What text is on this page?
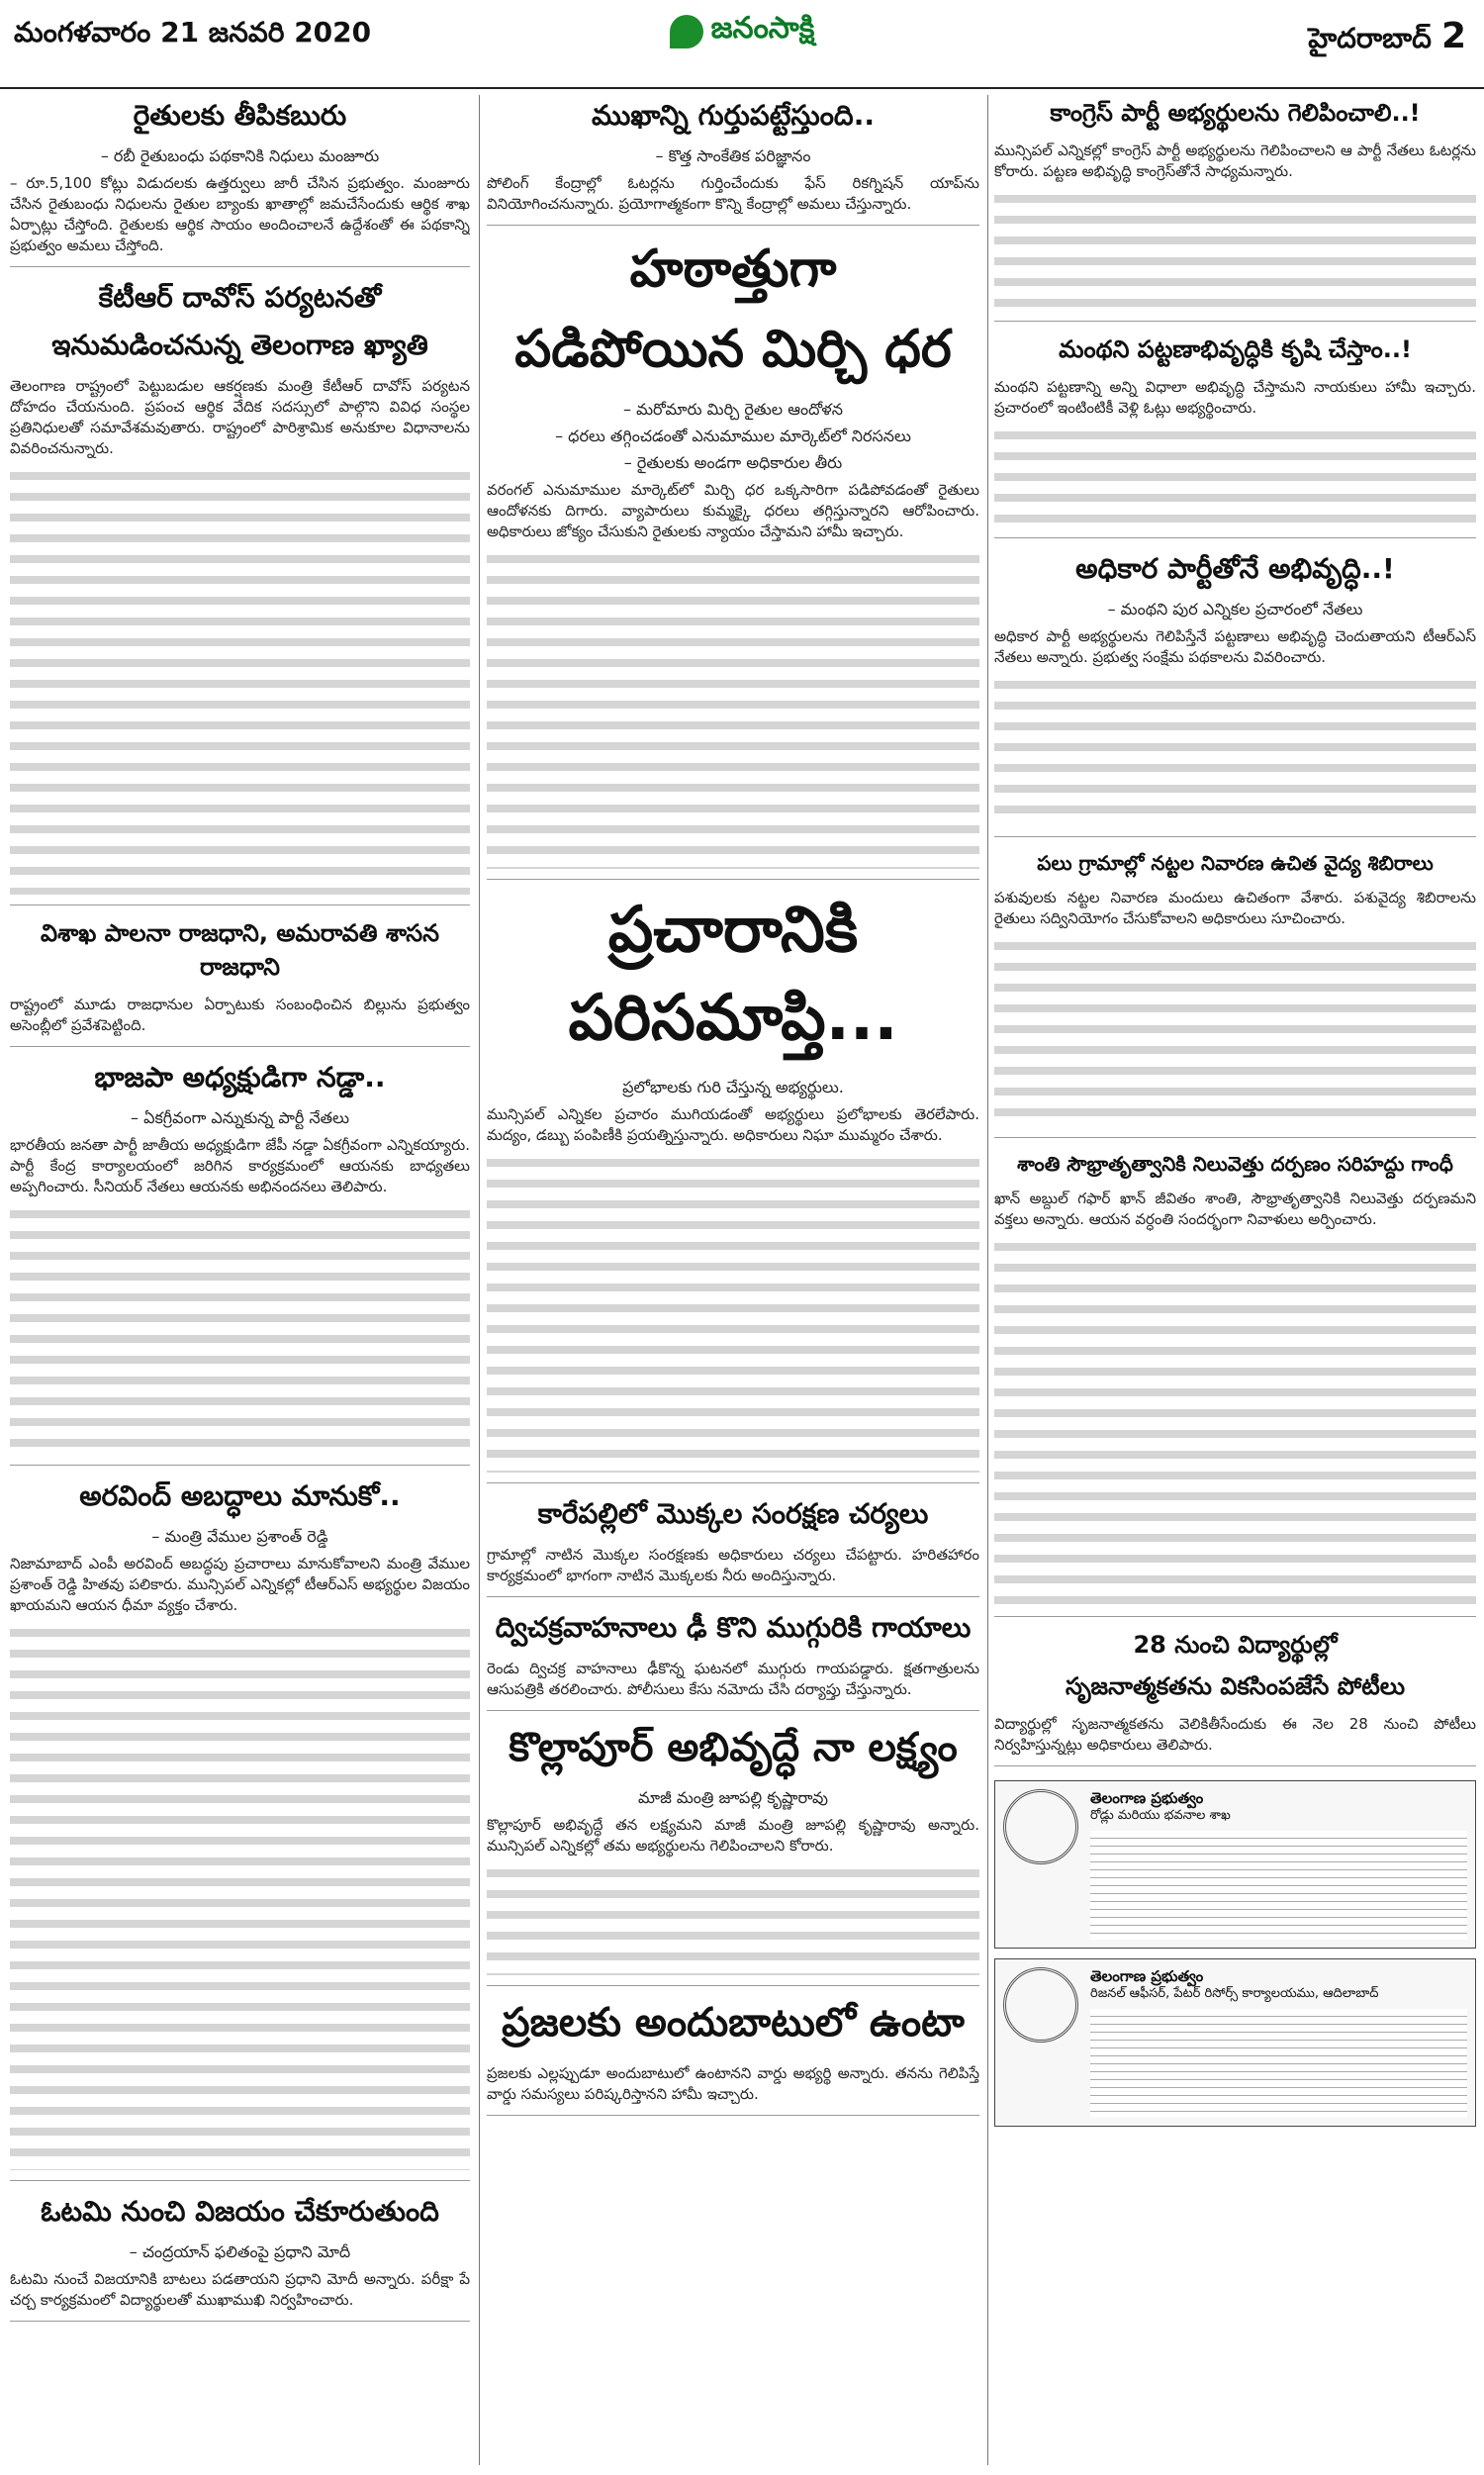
మంగళవారం 21 జనవరి 2020	జనంసాక్షి	హైదరాబాద్ 2
రైతులకు తీపికబురు
– రబీ రైతుబంధు పథకానికి నిధులు మంజూరు
– రూ.5,100 కోట్లు విడుదలకు ఉత్తర్వులు జారీ చేసిన ప్రభుత్వం. మంజూరు చేసిన రైతుబంధు నిధులను రైతుల బ్యాంకు ఖాతాల్లో జమచేసేందుకు ఆర్థిక శాఖ ఏర్పాట్లు చేస్తోంది. రైతులకు ఆర్థిక సాయం అందించాలనే ఉద్దేశంతో ఈ పథకాన్ని ప్రభుత్వం అమలు చేస్తోంది.
కేటీఆర్‌ దావోస్‌ పర్యటనతో
ఇనుమడించనున్న తెలంగాణ ఖ్యాతి
తెలంగాణ రాష్ట్రంలో పెట్టుబడుల ఆకర్షణకు మంత్రి కేటీఆర్‌ దావోస్‌ పర్యటన దోహదం చేయనుంది. ప్రపంచ ఆర్థిక వేదిక సదస్సులో పాల్గొని వివిధ సంస్థల ప్రతినిధులతో సమావేశమవుతారు. రాష్ట్రంలో పారిశ్రామిక అనుకూల విధానాలను వివరించనున్నారు.
విశాఖ పాలనా రాజధాని, అమరావతి శాసన రాజధాని
రాష్ట్రంలో మూడు రాజధానుల ఏర్పాటుకు సంబంధించిన బిల్లును ప్రభుత్వం అసెంబ్లీలో ప్రవేశపెట్టింది.
భాజపా అధ్యక్షుడిగా నడ్డా..
– ఏకగ్రీవంగా ఎన్నుకున్న పార్టీ నేతలు
భారతీయ జనతా పార్టీ జాతీయ అధ్యక్షుడిగా జేపీ నడ్డా ఏకగ్రీవంగా ఎన్నికయ్యారు. పార్టీ కేంద్ర కార్యాలయంలో జరిగిన కార్యక్రమంలో ఆయనకు బాధ్యతలు అప్పగించారు. సీనియర్‌ నేతలు ఆయనకు అభినందనలు తెలిపారు.
అరవింద్‌ అబద్ధాలు మానుకో..
– మంత్రి వేముల ప్రశాంత్‌ రెడ్డి
నిజామాబాద్‌ ఎంపీ అరవింద్‌ అబద్ధపు ప్రచారాలు మానుకోవాలని మంత్రి వేముల ప్రశాంత్‌ రెడ్డి హితవు పలికారు. మున్సిపల్‌ ఎన్నికల్లో టీఆర్‌ఎస్‌ అభ్యర్థుల విజయం ఖాయమని ఆయన ధీమా వ్యక్తం చేశారు.
ఓటమి నుంచి విజయం చేకూరుతుంది
– చంద్రయాన్‌ ఫలితంపై ప్రధాని మోదీ
ఓటమి నుంచే విజయానికి బాటలు పడతాయని ప్రధాని మోదీ అన్నారు. పరీక్షా పే చర్చ కార్యక్రమంలో విద్యార్థులతో ముఖాముఖి నిర్వహించారు.
ముఖాన్ని గుర్తుపట్టేస్తుంది..
– కొత్త సాంకేతిక పరిజ్ఞానం
పోలింగ్‌ కేంద్రాల్లో ఓటర్లను గుర్తించేందుకు ఫేస్‌ రికగ్నిషన్‌ యాప్‌ను వినియోగించనున్నారు. ప్రయోగాత్మకంగా కొన్ని కేంద్రాల్లో అమలు చేస్తున్నారు.
హఠాత్తుగా
పడిపోయిన మిర్చి ధర
– మరోమారు మిర్చి రైతుల ఆందోళన
– ధరలు తగ్గించడంతో ఎనుమాముల మార్కెట్‌లో నిరసనలు
– రైతులకు అండగా అధికారుల తీరు
వరంగల్‌ ఎనుమాముల మార్కెట్‌లో మిర్చి ధర ఒక్కసారిగా పడిపోవడంతో రైతులు ఆందోళనకు దిగారు. వ్యాపారులు కుమ్మక్కై ధరలు తగ్గిస్తున్నారని ఆరోపించారు. అధికారులు జోక్యం చేసుకుని రైతులకు న్యాయం చేస్తామని హామీ ఇచ్చారు.
ప్రచారానికి పరిసమాప్తి...
ప్రలోభాలకు గురి చేస్తున్న అభ్యర్థులు.
మున్సిపల్‌ ఎన్నికల ప్రచారం ముగియడంతో అభ్యర్థులు ప్రలోభాలకు తెరలేపారు. మద్యం, డబ్బు పంపిణీకి ప్రయత్నిస్తున్నారు. అధికారులు నిఘా ముమ్మరం చేశారు.
కారేపల్లిలో మొక్కల సంరక్షణ చర్యలు
గ్రామాల్లో నాటిన మొక్కల సంరక్షణకు అధికారులు చర్యలు చేపట్టారు. హరితహారం కార్యక్రమంలో భాగంగా నాటిన మొక్కలకు నీరు అందిస్తున్నారు.
ద్విచక్రవాహనాలు ఢీ కొని ముగ్గురికి గాయాలు
రెండు ద్విచక్ర వాహనాలు ఢీకొన్న ఘటనలో ముగ్గురు గాయపడ్డారు. క్షతగాత్రులను ఆసుపత్రికి తరలించారు. పోలీసులు కేసు నమోదు చేసి దర్యాప్తు చేస్తున్నారు.
కొల్లాపూర్‌ అభివృద్ధే నా లక్ష్యం
మాజీ మంత్రి జూపల్లి కృష్ణారావు
కొల్లాపూర్‌ అభివృద్ధే తన లక్ష్యమని మాజీ మంత్రి జూపల్లి కృష్ణారావు అన్నారు. మున్సిపల్‌ ఎన్నికల్లో తమ అభ్యర్థులను గెలిపించాలని కోరారు.
ప్రజలకు అందుబాటులో ఉంటా
ప్రజలకు ఎల్లప్పుడూ అందుబాటులో ఉంటానని వార్డు అభ్యర్థి అన్నారు. తనను గెలిపిస్తే వార్డు సమస్యలు పరిష్కరిస్తానని హామీ ఇచ్చారు.
కాంగ్రెస్‌ పార్టీ అభ్యర్థులను గెలిపించాలి..!
మున్సిపల్‌ ఎన్నికల్లో కాంగ్రెస్‌ పార్టీ అభ్యర్థులను గెలిపించాలని ఆ పార్టీ నేతలు ఓటర్లను కోరారు. పట్టణ అభివృద్ధి కాంగ్రెస్‌తోనే సాధ్యమన్నారు.
మంథని పట్టణాభివృద్ధికి కృషి చేస్తాం..!
మంథని పట్టణాన్ని అన్ని విధాలా అభివృద్ధి చేస్తామని నాయకులు హామీ ఇచ్చారు. ప్రచారంలో ఇంటింటికీ వెళ్లి ఓట్లు అభ్యర్థించారు.
అధికార పార్టీతోనే అభివృద్ధి..!
– మంథని పుర ఎన్నికల ప్రచారంలో నేతలు
అధికార పార్టీ అభ్యర్థులను గెలిపిస్తేనే పట్టణాలు అభివృద్ధి చెందుతాయని టీఆర్‌ఎస్‌ నేతలు అన్నారు. ప్రభుత్వ సంక్షేమ పథకాలను వివరించారు.
పలు గ్రామాల్లో నట్టల నివారణ ఉచిత వైద్య శిబిరాలు
పశువులకు నట్టల నివారణ మందులు ఉచితంగా వేశారు. పశువైద్య శిబిరాలను రైతులు సద్వినియోగం చేసుకోవాలని అధికారులు సూచించారు.
శాంతి సౌభ్రాతృత్వానికి నిలువెత్తు దర్పణం సరిహద్దు గాంధీ
ఖాన్‌ అబ్దుల్‌ గఫార్‌ ఖాన్‌ జీవితం శాంతి, సౌభ్రాతృత్వానికి నిలువెత్తు దర్పణమని వక్తలు అన్నారు. ఆయన వర్ధంతి సందర్భంగా నివాళులు అర్పించారు.
28 నుంచి విద్యార్థుల్లో
సృజనాత్మకతను వికసింపజేసే పోటీలు
విద్యార్థుల్లో సృజనాత్మకతను వెలికితీసేందుకు ఈ నెల 28 నుంచి పోటీలు నిర్వహిస్తున్నట్లు అధికారులు తెలిపారు.
తెలంగాణ ప్రభుత్వం
రోడ్లు మరియు భవనాల శాఖ
తెలంగాణ ప్రభుత్వం
రిజనల్‌ ఆఫీసర్‌, పేటర్‌ రిసోర్స్‌ కార్యాలయము, ఆదిలాబాద్‌
